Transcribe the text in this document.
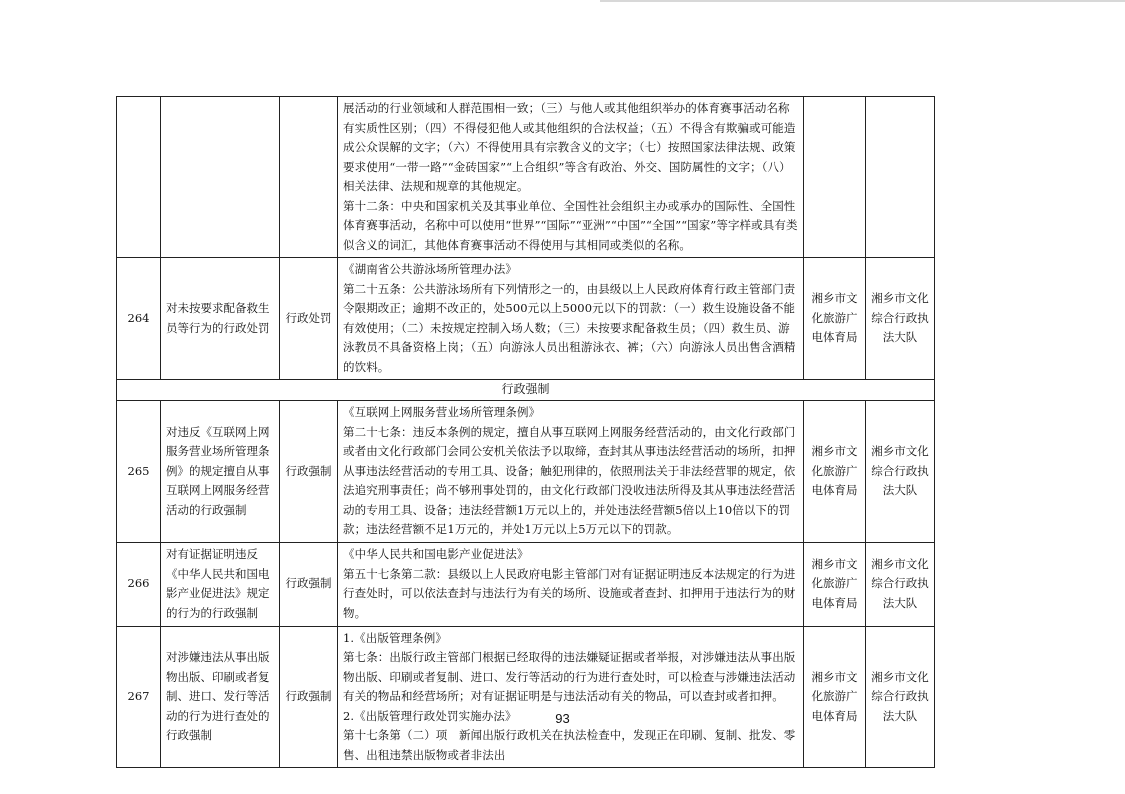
			展活动的行业领域和人群范围相一致；（三）与他人或其他组织举办的体育赛事活动名称有实质性区别；（四）不得侵犯他人或其他组织的合法权益；（五）不得含有欺骗或可能造成公众误解的文字；（六）不得使用具有宗教含义的文字；（七）按照国家法律法规、政策要求使用“一带一路”“金砖国家”“上合组织”等含有政治、外交、国防属性的文字；（八）相关法律、法规和规章的其他规定。
第十二条：中央和国家机关及其事业单位、全国性社会组织主办或承办的国际性、全国性体育赛事活动，名称中可以使用“世界”“国际”“亚洲”“中国”“全国”“国家”等字样或具有类似含义的词汇，其他体育赛事活动不得使用与其相同或类似的名称。		

264	对未按要求配备救生员等行为的行政处罚	行政处罚	《湖南省公共游泳场所管理办法》
第二十五条：公共游泳场所有下列情形之一的，由县级以上人民政府体育行政主管部门责令限期改正；逾期不改正的，处500元以上5000元以下的罚款：（一）救生设施设备不能有效使用；（二）未按规定控制入场人数；（三）未按要求配备救生员；（四）救生员、游泳教员不具备资格上岗；（五）向游泳人员出租游泳衣、裤；（六）向游泳人员出售含酒精的饮料。	湘乡市文化旅游广电体育局	湘乡市文化综合行政执法大队
行政强制					
265	对违反《互联网上网服务营业场所管理条例》的规定擅自从事互联网上网服务经营活动的行政强制	行政强制	《互联网上网服务营业场所管理条例》
第二十七条：违反本条例的规定，擅自从事互联网上网服务经营活动的，由文化行政部门或者由文化行政部门会同公安机关依法予以取缔，查封其从事违法经营活动的场所，扣押从事违法经营活动的专用工具、设备；触犯刑律的，依照刑法关于非法经营罪的规定，依法追究刑事责任；尚不够刑事处罚的，由文化行政部门没收违法所得及其从事违法经营活动的专用工具、设备；违法经营额1万元以上的，并处违法经营额5倍以上10倍以下的罚款；违法经营额不足1万元的，并处1万元以上5万元以下的罚款。	湘乡市文化旅游广电体育局	湘乡市文化综合行政执法大队
266	对有证据证明违反《中华人民共和国电影产业促进法》规定的行为的行政强制	行政强制	《中华人民共和国电影产业促进法》
第五十七条第二款：县级以上人民政府电影主管部门对有证据证明违反本法规定的行为进行查处时，可以依法查封与违法行为有关的场所、设施或者查封、扣押用于违法行为的财物。	湘乡市文化旅游广电体育局	湘乡市文化综合行政执法大队
267	对涉嫌违法从事出版物出版、印刷或者复制、进口、发行等活动的行为进行查处的行政强制	行政强制	1.《出版管理条例》
第七条：出版行政主管部门根据已经取得的违法嫌疑证据或者举报，对涉嫌违法从事出版物出版、印刷或者复制、进口、发行等活动的行为进行查处时，可以检查与涉嫌违法活动有关的物品和经营场所；对有证据证明是与违法活动有关的物品，可以查封或者扣押。
2.《出版管理行政处罚实施办法》
第十七条第（二）项　新闻出版行政机关在执法检查中，发现正在印刷、复制、批发、零售、出租违禁出版物或者非法出	湘乡市文化旅游广电体育局	湘乡市文化综合行政执法大队
93
